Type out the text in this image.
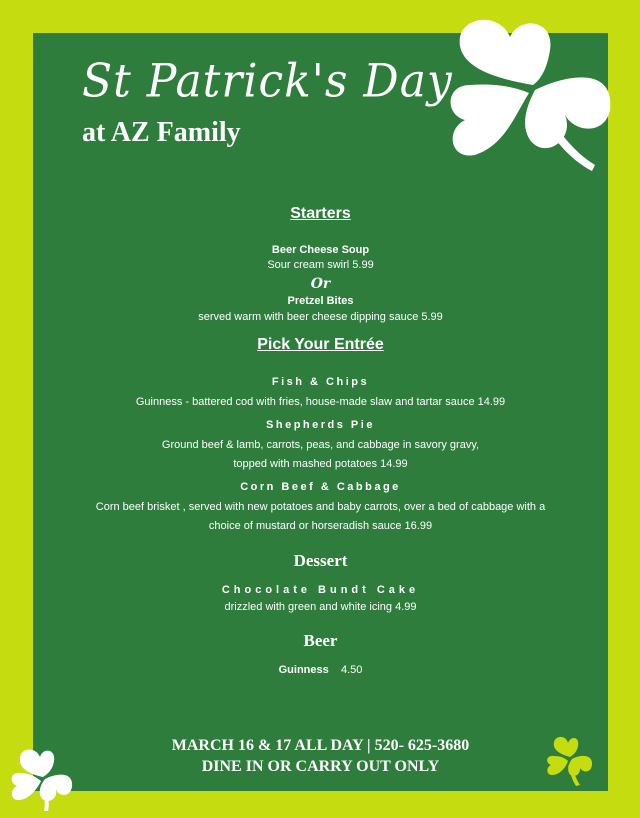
St Patrick's Day
at AZ Family
Starters
Beer Cheese Soup
Sour cream swirl 5.99
Or
Pretzel Bites
served warm with beer cheese dipping sauce 5.99
Pick Your Entrée
Fish & Chips
Guinness - battered cod with fries, house-made slaw and tartar sauce 14.99
Shepherds Pie
Ground beef & lamb, carrots, peas, and cabbage in savory gravy,
topped with mashed potatoes 14.99
Corn Beef & Cabbage
Corn beef brisket , served with new potatoes and baby carrots, over a bed of cabbage with a
choice of mustard or horseradish sauce 16.99
Dessert
Chocolate Bundt Cake
drizzled with green and white icing 4.99
Beer
Guinness 4.50
MARCH 16 & 17 ALL DAY | 520- 625-3680
DINE IN OR CARRY OUT ONLY
